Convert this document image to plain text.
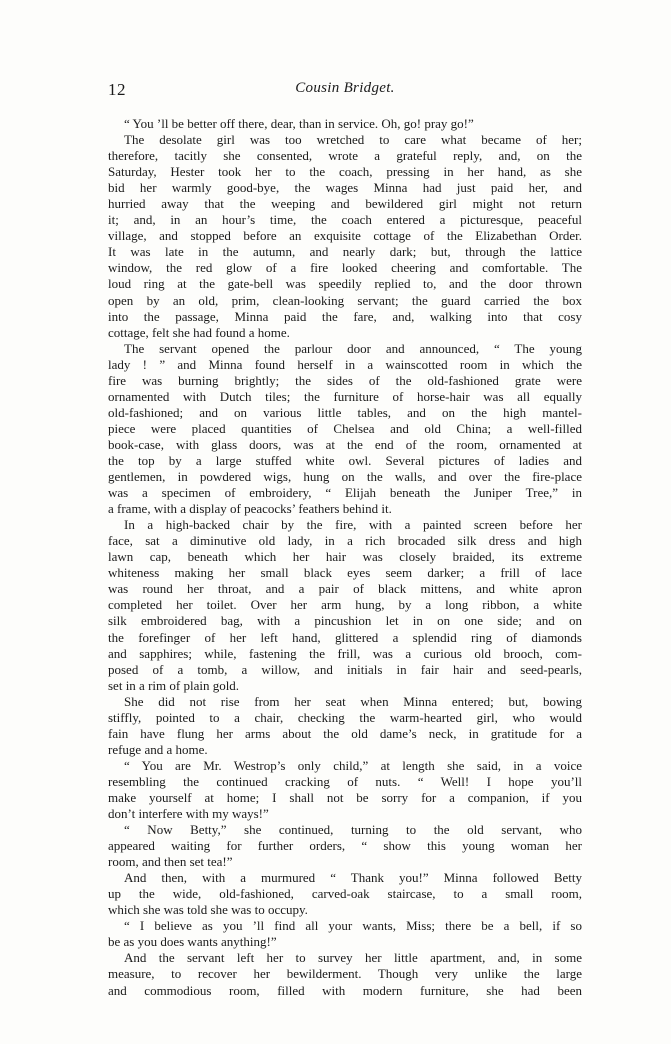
12	Cousin Bridget.
“ You ’ll be better off there, dear, than in service. Oh, go! pray go!”
The desolate girl was too wretched to care what became of her;
therefore, tacitly she consented, wrote a grateful reply, and, on the
Saturday, Hester took her to the coach, pressing in her hand, as she
bid her warmly good-bye, the wages Minna had just paid her, and
hurried away that the weeping and bewildered girl might not return
it; and, in an hour’s time, the coach entered a picturesque, peaceful
village, and stopped before an exquisite cottage of the Elizabethan Order.
It was late in the autumn, and nearly dark; but, through the lattice
window, the red glow of a fire looked cheering and comfortable. The
loud ring at the gate-bell was speedily replied to, and the door thrown
open by an old, prim, clean-looking servant; the guard carried the box
into the passage, Minna paid the fare, and, walking into that cosy
cottage, felt she had found a home.
The servant opened the parlour door and announced, “ The young
lady ! ” and Minna found herself in a wainscotted room in which the
fire was burning brightly; the sides of the old-fashioned grate were
ornamented with Dutch tiles; the furniture of horse-hair was all equally
old-fashioned; and on various little tables, and on the high mantel-
piece were placed quantities of Chelsea and old China; a well-filled
book-case, with glass doors, was at the end of the room, ornamented at
the top by a large stuffed white owl. Several pictures of ladies and
gentlemen, in powdered wigs, hung on the walls, and over the fire-place
was a specimen of embroidery, “ Elijah beneath the Juniper Tree,” in
a frame, with a display of peacocks’ feathers behind it.
In a high-backed chair by the fire, with a painted screen before her
face, sat a diminutive old lady, in a rich brocaded silk dress and high
lawn cap, beneath which her hair was closely braided, its extreme
whiteness making her small black eyes seem darker; a frill of lace
was round her throat, and a pair of black mittens, and white apron
completed her toilet. Over her arm hung, by a long ribbon, a white
silk embroidered bag, with a pincushion let in on one side; and on
the forefinger of her left hand, glittered a splendid ring of diamonds
and sapphires; while, fastening the frill, was a curious old brooch, com-
posed of a tomb, a willow, and initials in fair hair and seed-pearls,
set in a rim of plain gold.
She did not rise from her seat when Minna entered; but, bowing
stiffly, pointed to a chair, checking the warm-hearted girl, who would
fain have flung her arms about the old dame’s neck, in gratitude for a
refuge and a home.
“ You are Mr. Westrop’s only child,” at length she said, in a voice
resembling the continued cracking of nuts. “ Well! I hope you’ll
make yourself at home; I shall not be sorry for a companion, if you
don’t interfere with my ways!”
“ Now Betty,” she continued, turning to the old servant, who
appeared waiting for further orders, “ show this young woman her
room, and then set tea!”
And then, with a murmured “ Thank you!” Minna followed Betty
up the wide, old-fashioned, carved-oak staircase, to a small room,
which she was told she was to occupy.
“ I believe as you ’ll find all your wants, Miss; there be a bell, if so
be as you does wants anything!”
And the servant left her to survey her little apartment, and, in some
measure, to recover her bewilderment. Though very unlike the large
and commodious room, filled with modern furniture, she had been
